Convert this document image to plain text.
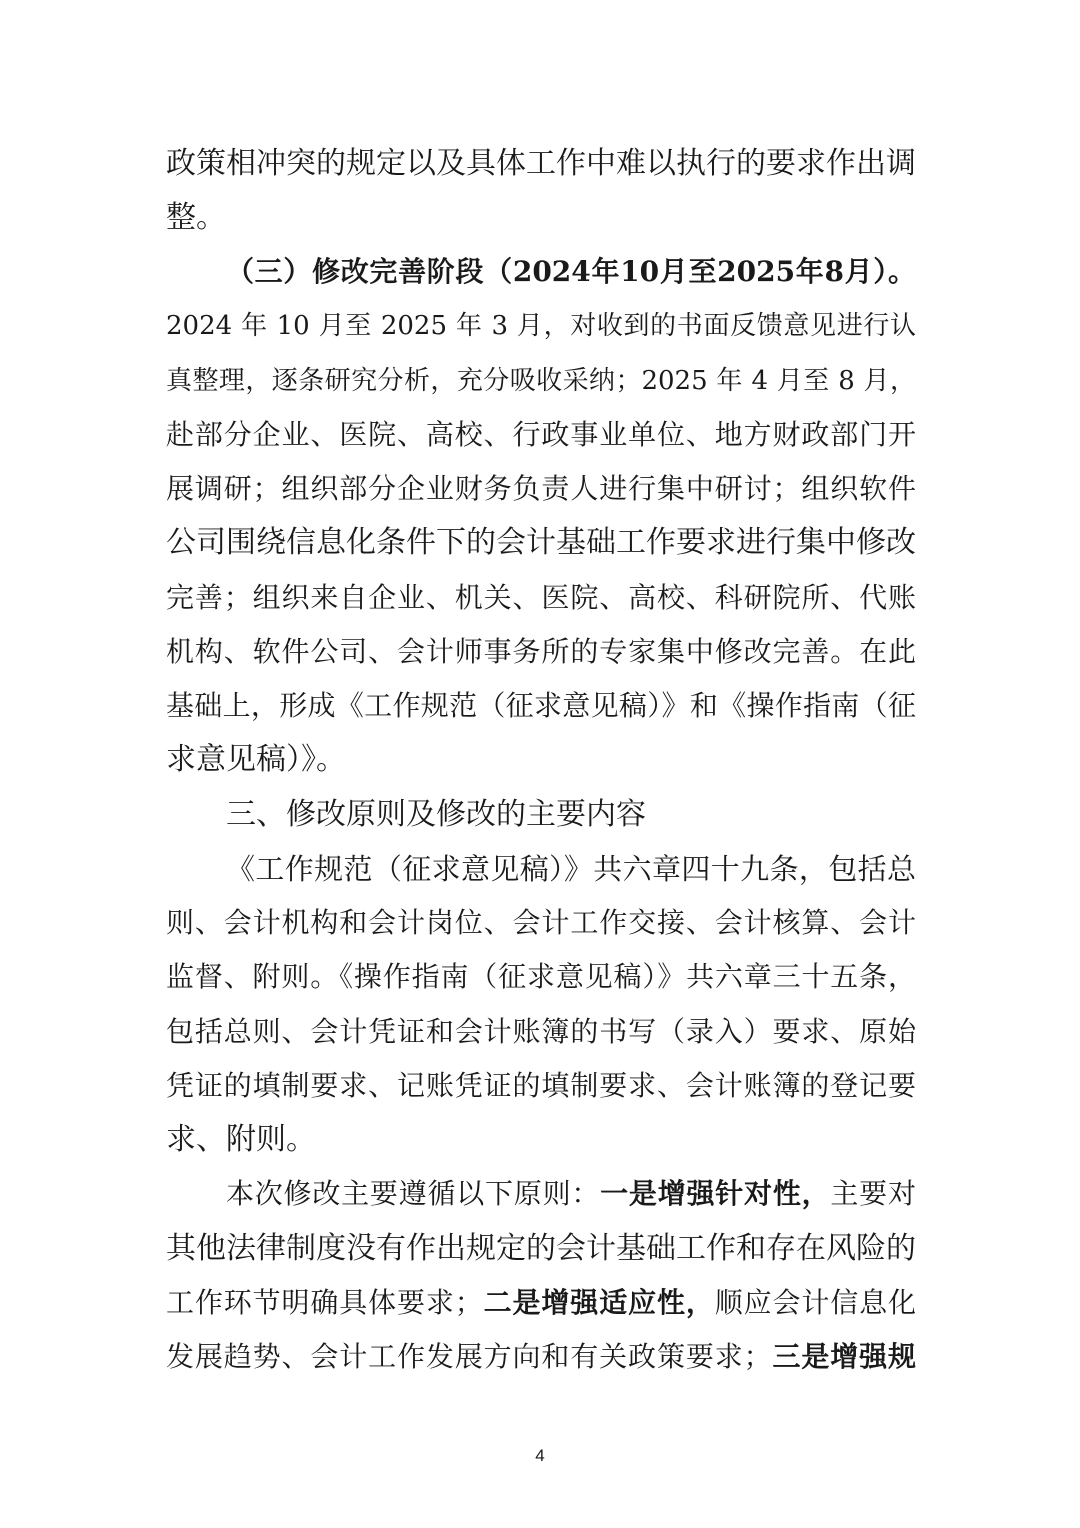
政策相冲突的规定以及具体工作中难以执行的要求作出调
整。
（三）修改完善阶段（2024年10月至2025年8月）。
2024 年 10 月至 2025 年 3 月，对收到的书面反馈意见进行认
真整理，逐条研究分析，充分吸收采纳；2025 年 4 月至 8 月，
赴部分企业、医院、高校、行政事业单位、地方财政部门开
展调研；组织部分企业财务负责人进行集中研讨；组织软件
公司围绕信息化条件下的会计基础工作要求进行集中修改
完善；组织来自企业、机关、医院、高校、科研院所、代账
机构、软件公司、会计师事务所的专家集中修改完善。在此
基础上，形成《工作规范（征求意见稿）》和《操作指南（征
求意见稿）》。
三、修改原则及修改的主要内容
《工作规范（征求意见稿）》共六章四十九条，包括总
则、会计机构和会计岗位、会计工作交接、会计核算、会计
监督、附则。《操作指南（征求意见稿）》共六章三十五条，
包括总则、会计凭证和会计账簿的书写（录入）要求、原始
凭证的填制要求、记账凭证的填制要求、会计账簿的登记要
求、附则。
本次修改主要遵循以下原则：一是增强针对性，主要对
其他法律制度没有作出规定的会计基础工作和存在风险的
工作环节明确具体要求；二是增强适应性，顺应会计信息化
发展趋势、会计工作发展方向和有关政策要求；三是增强规
4
